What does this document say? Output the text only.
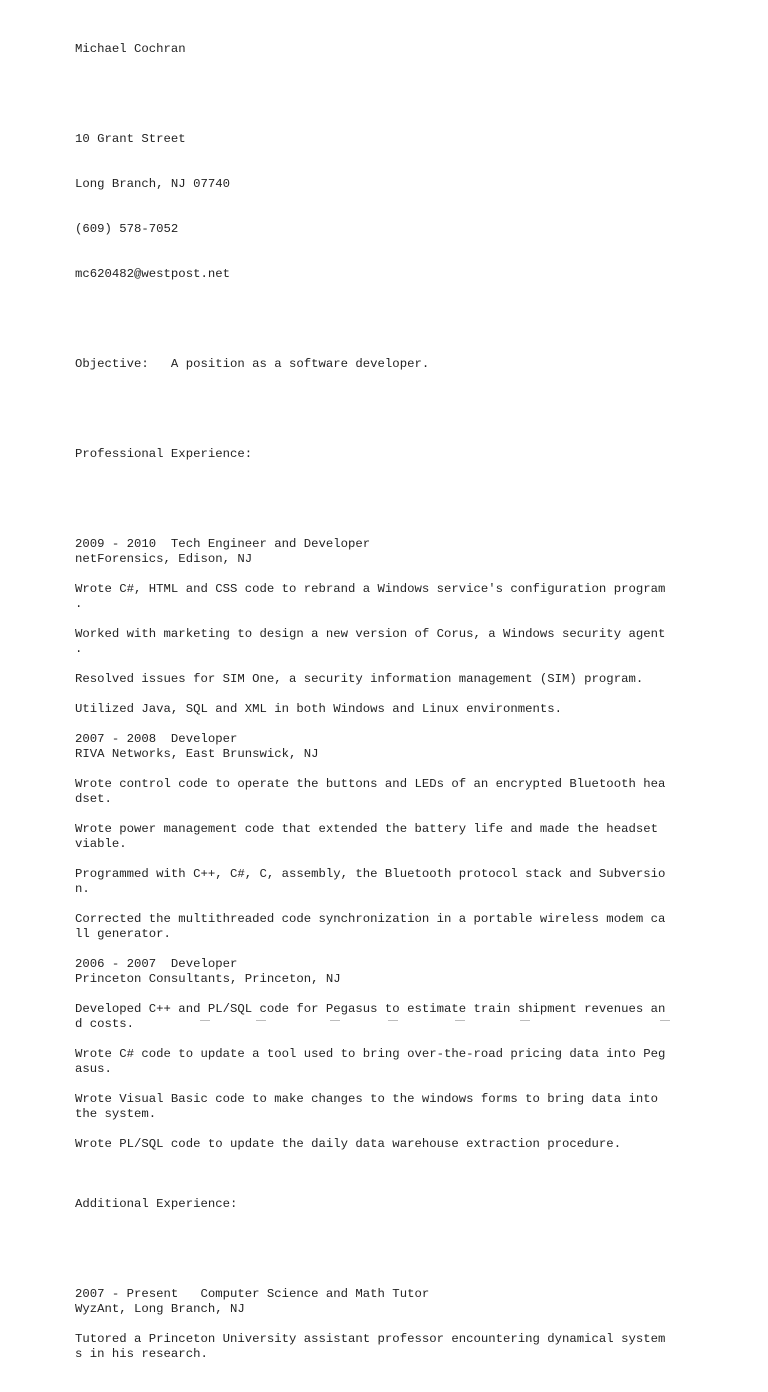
Michael Cochran

10 Grant Street

Long Branch, NJ 07740

(609) 578-7052

mc620482@westpost.net

Objective:   A position as a software developer.

Professional Experience:

2009 - 2010  Tech Engineer and Developer
netForensics, Edison, NJ
Wrote C#, HTML and CSS code to rebrand a Windows service's configuration program
.
Worked with marketing to design a new version of Corus, a Windows security agent
.
Resolved issues for SIM One, a security information management (SIM) program.
Utilized Java, SQL and XML in both Windows and Linux environments.
2007 - 2008  Developer
RIVA Networks, East Brunswick, NJ
Wrote control code to operate the buttons and LEDs of an encrypted Bluetooth hea
dset.
Wrote power management code that extended the battery life and made the headset
viable.
Programmed with C++, C#, C, assembly, the Bluetooth protocol stack and Subversio
n.
Corrected the multithreaded code synchronization in a portable wireless modem ca
ll generator.
2006 - 2007  Developer
Princeton Consultants, Princeton, NJ
Developed C++ and PL/SQL code for Pegasus to estimate train shipment revenues an
d costs.
Wrote C# code to update a tool used to bring over-the-road pricing data into Peg
asus.
Wrote Visual Basic code to make changes to the windows forms to bring data into
the system.
Wrote PL/SQL code to update the daily data warehouse extraction procedure.

Additional Experience:

2007 - Present   Computer Science and Math Tutor
WyzAnt, Long Branch, NJ
Tutored a Princeton University assistant professor encountering dynamical system
s in his research.
